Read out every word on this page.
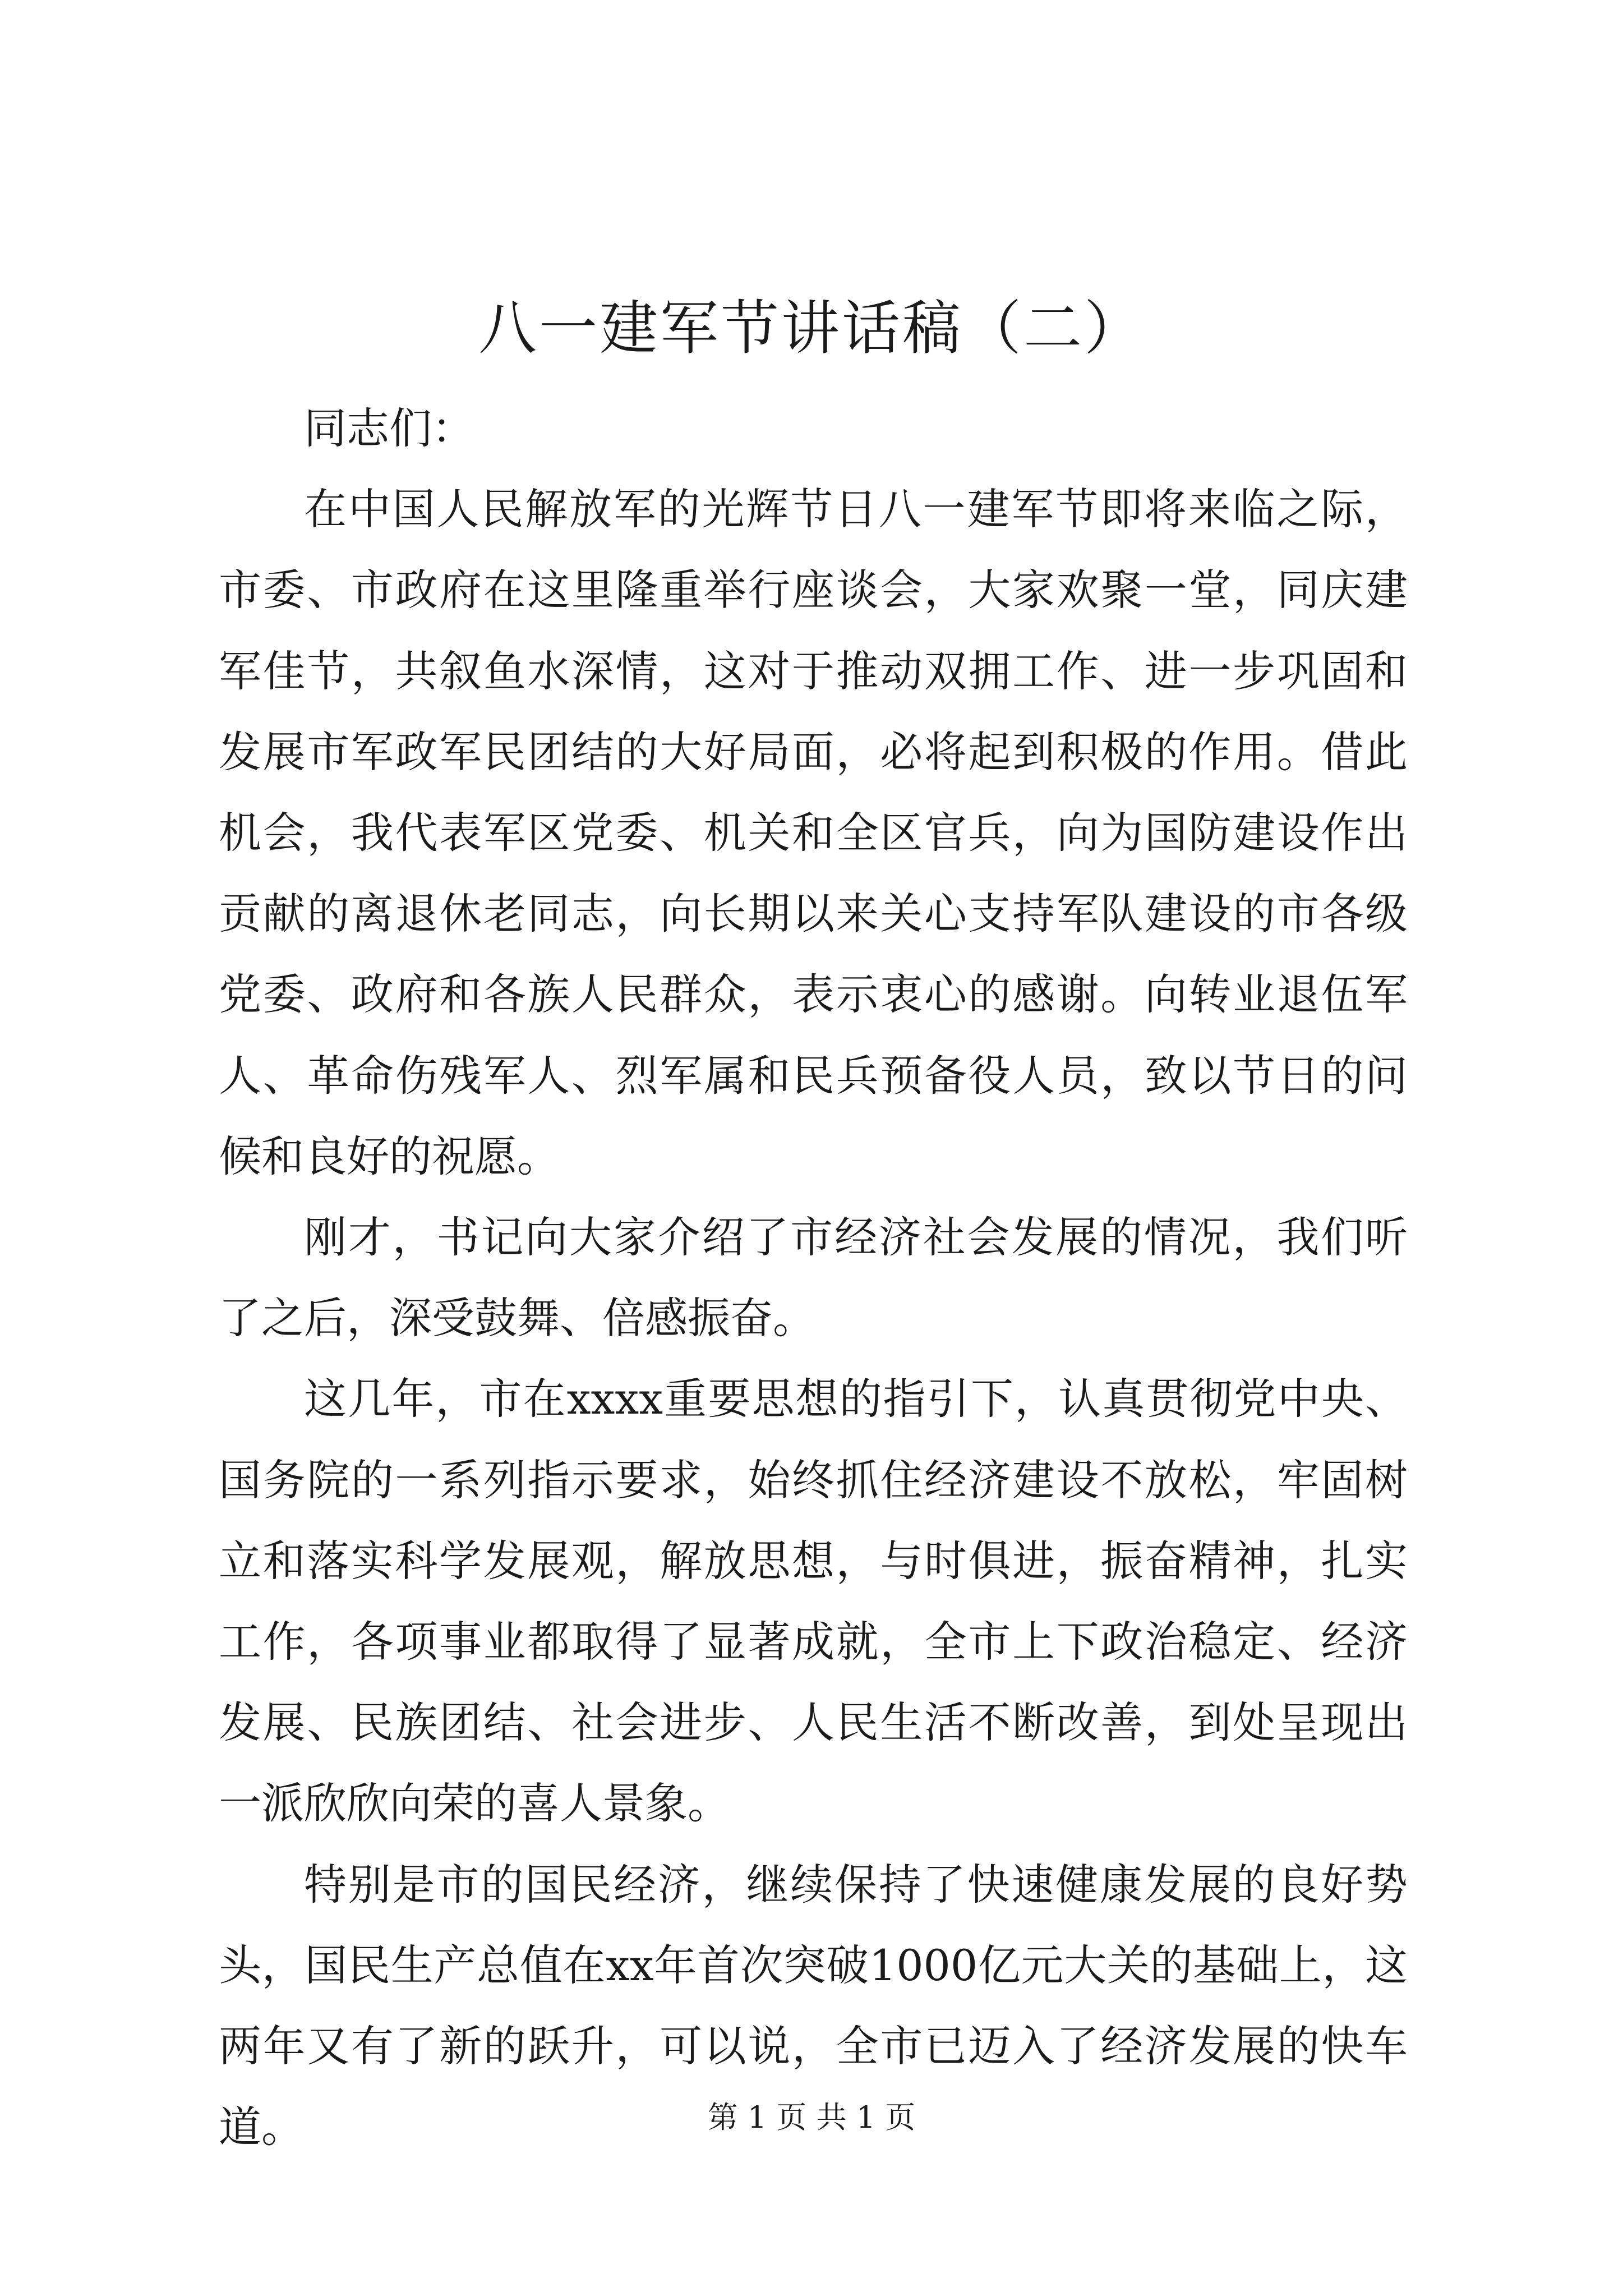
八一建军节讲话稿（二）

同志们：

在中国人民解放军的光辉节日八一建军节即将来临之际，市委、市政府在这里隆重举行座谈会，大家欢聚一堂，同庆建军佳节，共叙鱼水深情，这对于推动双拥工作、进一步巩固和发展市军政军民团结的大好局面，必将起到积极的作用。借此机会，我代表军区党委、机关和全区官兵，向为国防建设作出贡献的离退休老同志，向长期以来关心支持军队建设的市各级党委、政府和各族人民群众，表示衷心的感谢。向转业退伍军人、革命伤残军人、烈军属和民兵预备役人员，致以节日的问候和良好的祝愿。

刚才，书记向大家介绍了市经济社会发展的情况，我们听了之后，深受鼓舞、倍感振奋。

这几年，市在xxxx重要思想的指引下，认真贯彻党中央、国务院的一系列指示要求，始终抓住经济建设不放松，牢固树立和落实科学发展观，解放思想，与时俱进，振奋精神，扎实工作，各项事业都取得了显著成就，全市上下政治稳定、经济发展、民族团结、社会进步、人民生活不断改善，到处呈现出一派欣欣向荣的喜人景象。

特别是市的国民经济，继续保持了快速健康发展的良好势头，国民生产总值在xx年首次突破1000亿元大关的基础上，这两年又有了新的跃升，可以说，全市已迈入了经济发展的快车道。	第 1 页 共 1 页
